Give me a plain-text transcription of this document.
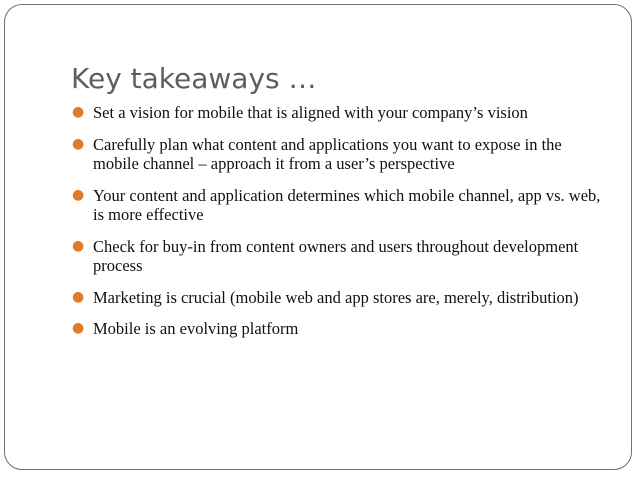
Key takeaways …
● Set a vision for mobile that is aligned with your company’s vision
● Carefully plan what content and applications you want to expose in the mobile channel – approach it from a user’s perspective
● Your content and application determines which mobile channel, app vs. web, is more effective
● Check for buy-in from content owners and users throughout development process
● Marketing is crucial (mobile web and app stores are, merely, distribution)
● Mobile is an evolving platform
